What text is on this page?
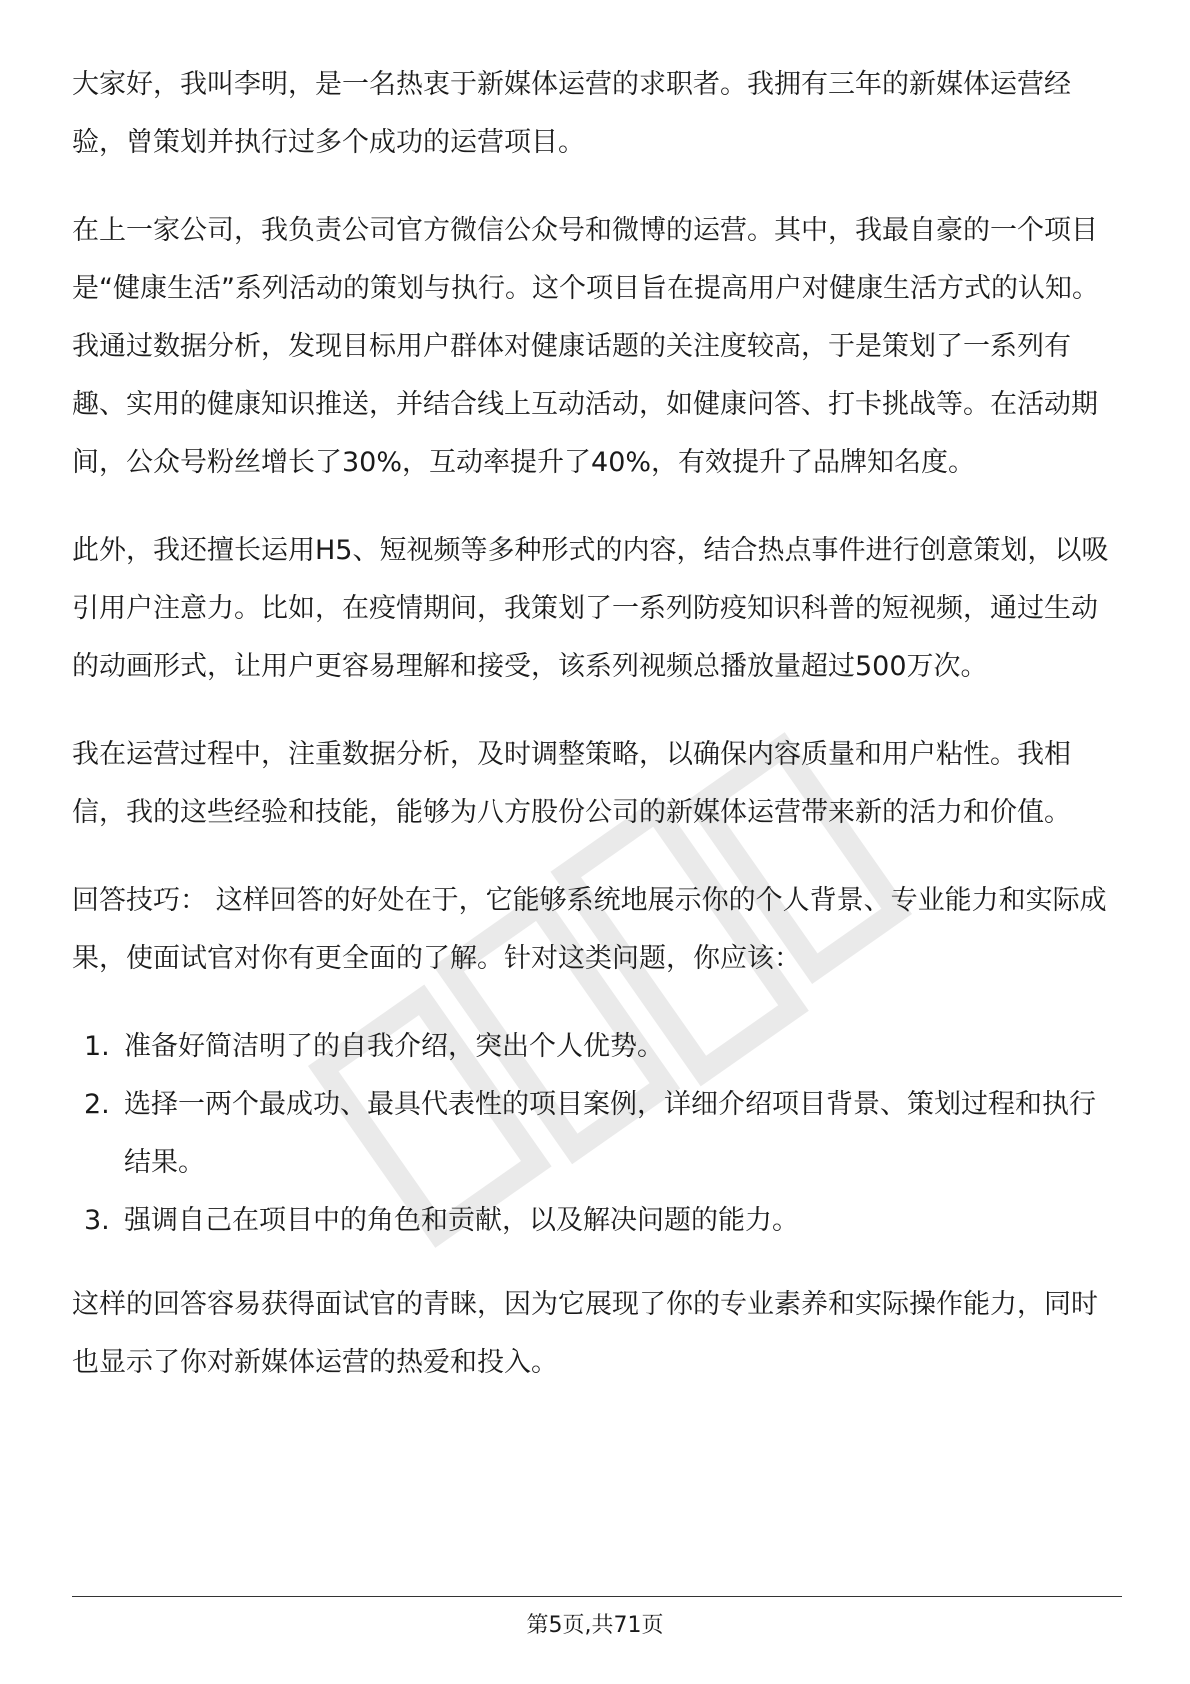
大家好，我叫李明，是一名热衷于新媒体运营的求职者。我拥有三年的新媒体运营经验，曾策划并执行过多个成功的运营项目。

在上一家公司，我负责公司官方微信公众号和微博的运营。其中，我最自豪的一个项目是“健康生活”系列活动的策划与执行。这个项目旨在提高用户对健康生活方式的认知。我通过数据分析，发现目标用户群体对健康话题的关注度较高，于是策划了一系列有趣、实用的健康知识推送，并结合线上互动活动，如健康问答、打卡挑战等。在活动期间，公众号粉丝增长了30%，互动率提升了40%，有效提升了品牌知名度。

此外，我还擅长运用H5、短视频等多种形式的内容，结合热点事件进行创意策划，以吸引用户注意力。比如，在疫情期间，我策划了一系列防疫知识科普的短视频，通过生动的动画形式，让用户更容易理解和接受，该系列视频总播放量超过500万次。

我在运营过程中，注重数据分析，及时调整策略，以确保内容质量和用户粘性。我相信，我的这些经验和技能，能够为八方股份公司的新媒体运营带来新的活力和价值。

回答技巧： 这样回答的好处在于，它能够系统地展示你的个人背景、专业能力和实际成果，使面试官对你有更全面的了解。针对这类问题，你应该：

1. 准备好简洁明了的自我介绍，突出个人优势。
2. 选择一两个最成功、最具代表性的项目案例，详细介绍项目背景、策划过程和执行结果。
3. 强调自己在项目中的角色和贡献，以及解决问题的能力。

这样的回答容易获得面试官的青睐，因为它展现了你的专业素养和实际操作能力，同时也显示了你对新媒体运营的热爱和投入。

第5页,共71页
